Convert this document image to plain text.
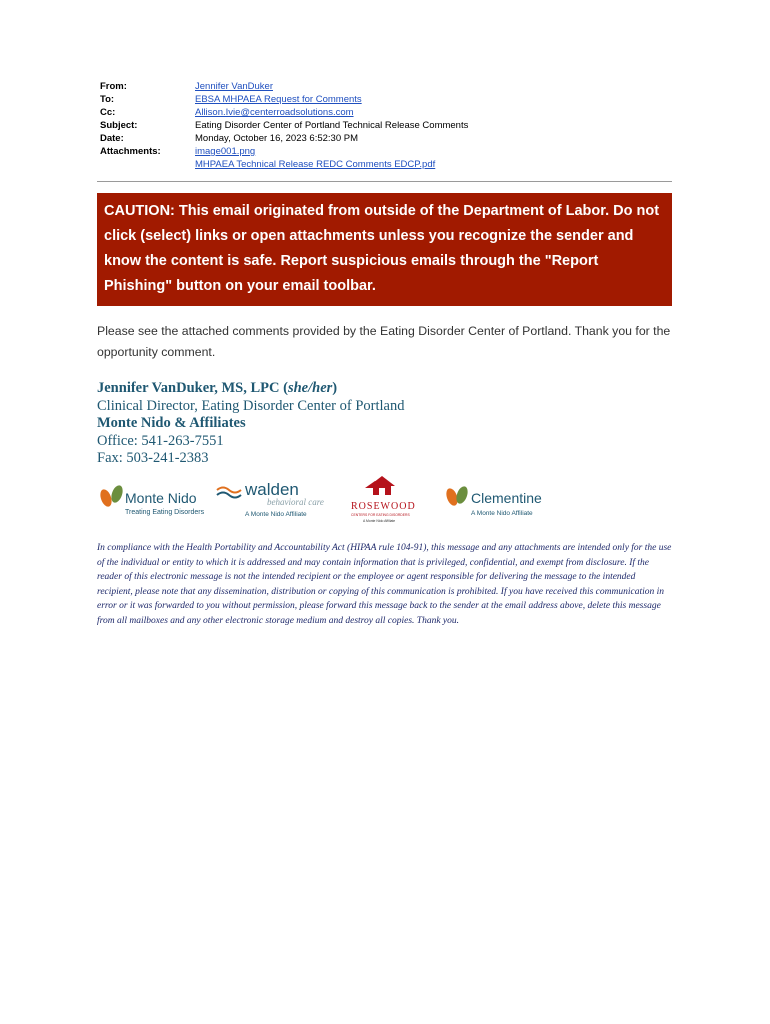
From:	Jennifer VanDuker
To:	EBSA MHPAEA Request for Comments
Cc:	Allison.Ivie@centerroadsolutions.com
Subject:	Eating Disorder Center of Portland Technical Release Comments
Date:	Monday, October 16, 2023 6:52:30 PM
Attachments:	image001.png
MHPAEA Technical Release REDC Comments EDCP.pdf
CAUTION: This email originated from outside of the Department of Labor. Do not click (select) links or open attachments unless you recognize the sender and know the content is safe. Report suspicious emails through the "Report Phishing" button on your email toolbar.
Please see the attached comments provided by the Eating Disorder Center of Portland. Thank you for the opportunity comment.
Jennifer VanDuker, MS, LPC (she/her)
Clinical Director, Eating Disorder Center of Portland
Monte Nido & Affiliates
Office: 541-263-7551
Fax: 503-241-2383
Monte Nido
Treating Eating Disorders
walden
behavioral care
A Monte Nido Affiliate
ROSEWOOD
CENTERS FOR EATING DISORDERS
A Monte Nido Affiliate
Clementine
A Monte Nido Affiliate
In compliance with the Health Portability and Accountability Act (HIPAA rule 104-91), this message and any attachments are intended only for the use of the individual or entity to which it is addressed and may contain information that is privileged, confidential, and exempt from disclosure. If the reader of this electronic message is not the intended recipient or the employee or agent responsible for delivering the message to the intended recipient, please note that any dissemination, distribution or copying of this communication is prohibited. If you have received this communication in error or it was forwarded to you without permission, please forward this message back to the sender at the email address above, delete this message from all mailboxes and any other electronic storage medium and destroy all copies. Thank you.
